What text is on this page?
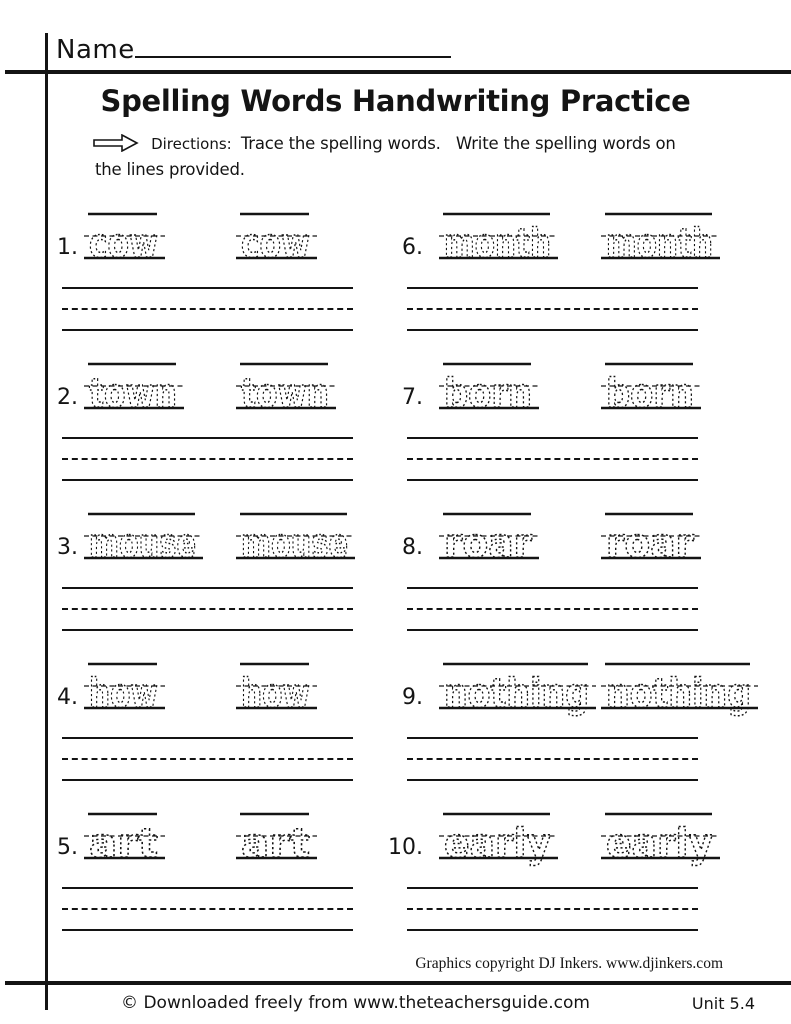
Name
Spelling Words Handwriting Practice
Directions: Trace the spelling words.   Write the spelling words on
the lines provided.
1. cow cow
2. town town
3. mouse mouse
4. how how
5. art art
6. month month
7. born born
8. roar roar
9. nothing nothing
10. early early
Graphics copyright DJ Inkers. www.djinkers.com
© Downloaded freely from www.theteachersguide.com	Unit 5.4
